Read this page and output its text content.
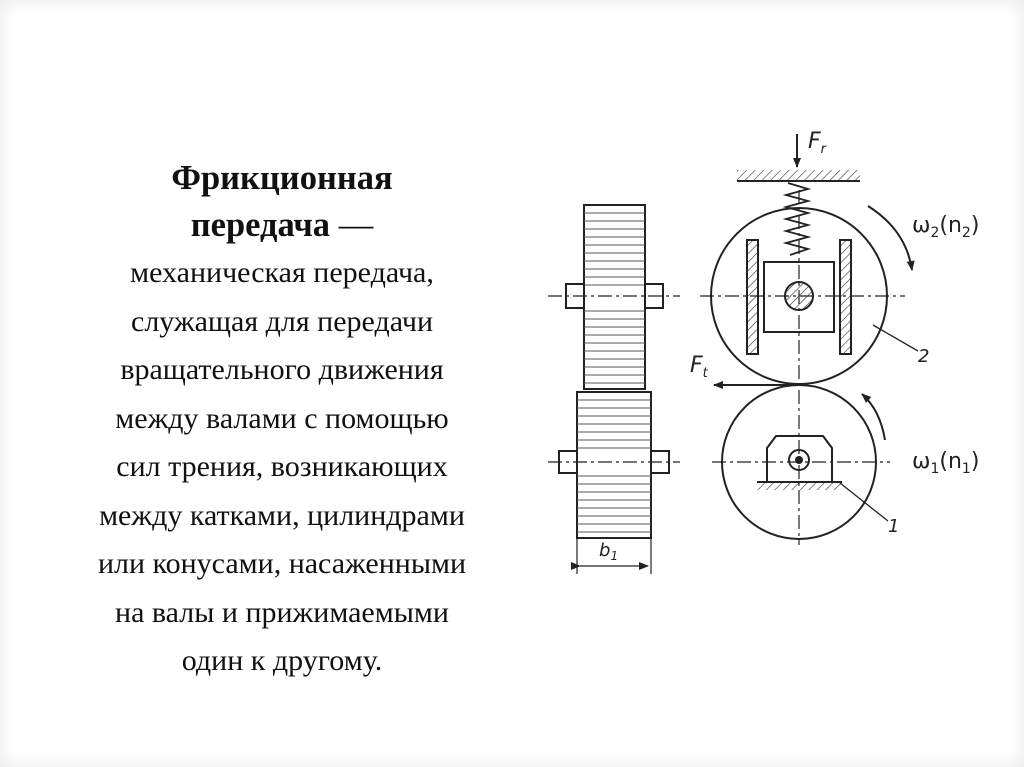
Фрикционная
передача —
механическая передача,
служащая для передачи
вращательного движения
между валами с помощью
сил трения, возникающих
между катками, цилиндрами
или конусами, насаженными
на валы и прижимаемыми
один к другому.
$b_1$
$F_r$
$F_t$
$\omega_2(n_2)$
$\omega_1(n_1)$
2
1
